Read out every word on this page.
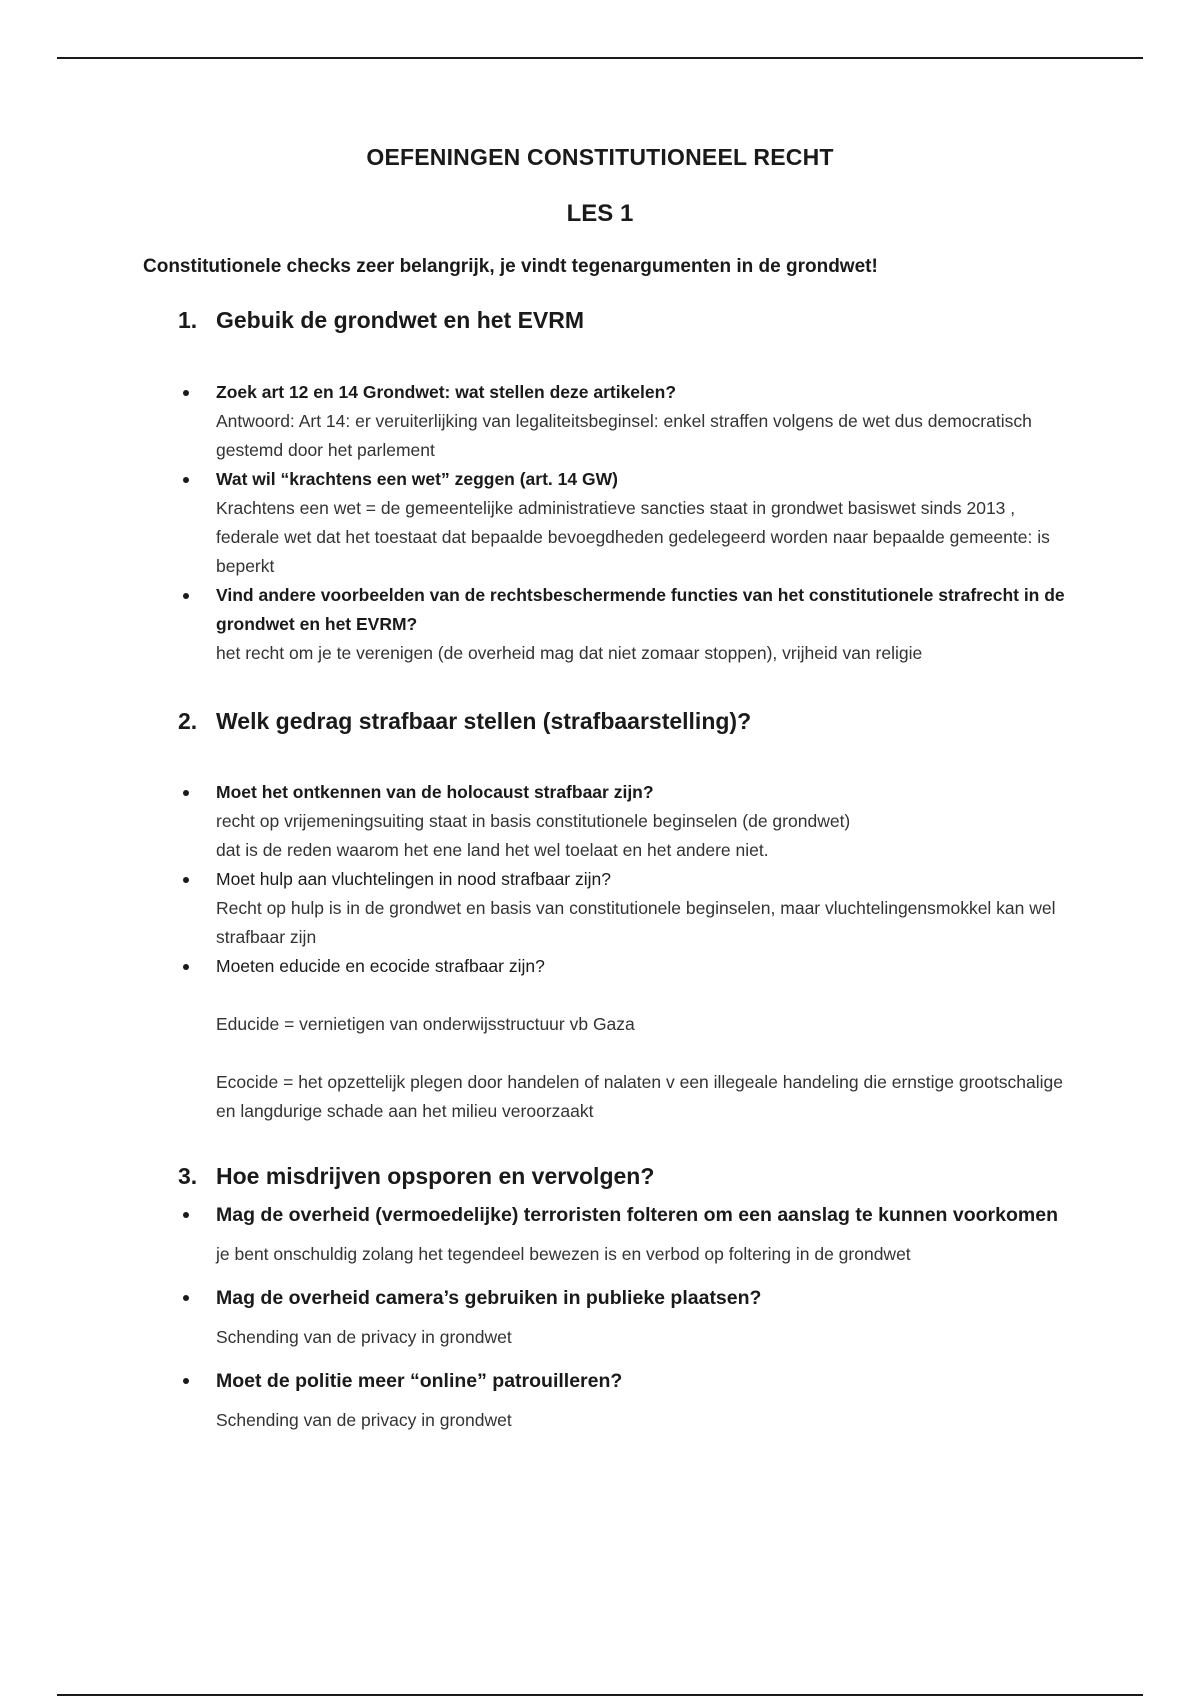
OEFENINGEN CONSTITUTIONEEL RECHT
LES 1
Constitutionele checks zeer belangrijk, je vindt tegenargumenten in de grondwet!
1. Gebuik de grondwet en het EVRM
Zoek art 12 en 14 Grondwet: wat stellen deze artikelen?
Antwoord: Art 14: er veruiterlijking van legaliteitsbeginsel: enkel straffen volgens de wet dus democratisch gestemd door het parlement
Wat wil “krachtens een wet” zeggen (art. 14 GW)
Krachtens een wet = de gemeentelijke administratieve sancties staat in grondwet basiswet sinds 2013 , federale wet dat het toestaat dat bepaalde bevoegdheden gedelegeerd worden naar bepaalde gemeente: is beperkt
Vind andere voorbeelden van de rechtsbeschermende functies van het constitutionele strafrecht in de grondwet en het EVRM?
het recht om je te verenigen (de overheid mag dat niet zomaar stoppen), vrijheid van religie
2. Welk gedrag strafbaar stellen (strafbaarstelling)?
Moet het ontkennen van de holocaust strafbaar zijn?
recht op vrijemeningsuiting staat in basis constitutionele beginselen (de grondwet)
dat is de reden waarom het ene land het wel toelaat en het andere niet.
Moet hulp aan vluchtelingen in nood strafbaar zijn?
Recht op hulp is in de grondwet en basis van constitutionele beginselen, maar vluchtelingensmokkel kan wel strafbaar zijn
Moeten educide en ecocide strafbaar zijn?
Educide = vernietigen van onderwijsstructuur vb Gaza
Ecocide = het opzettelijk plegen door handelen of nalaten v een illegeale handeling die ernstige grootschalige en langdurige schade aan het milieu veroorzaakt
3. Hoe misdrijven opsporen en vervolgen?
Mag de overheid (vermoedelijke) terroristen folteren om een aanslag te kunnen voorkomen
je bent onschuldig zolang het tegendeel bewezen is en verbod op foltering in de grondwet
Mag de overheid camera’s gebruiken in publieke plaatsen?
Schending van de privacy in grondwet
Moet de politie meer “online” patrouilleren?
Schending van de privacy in grondwet
